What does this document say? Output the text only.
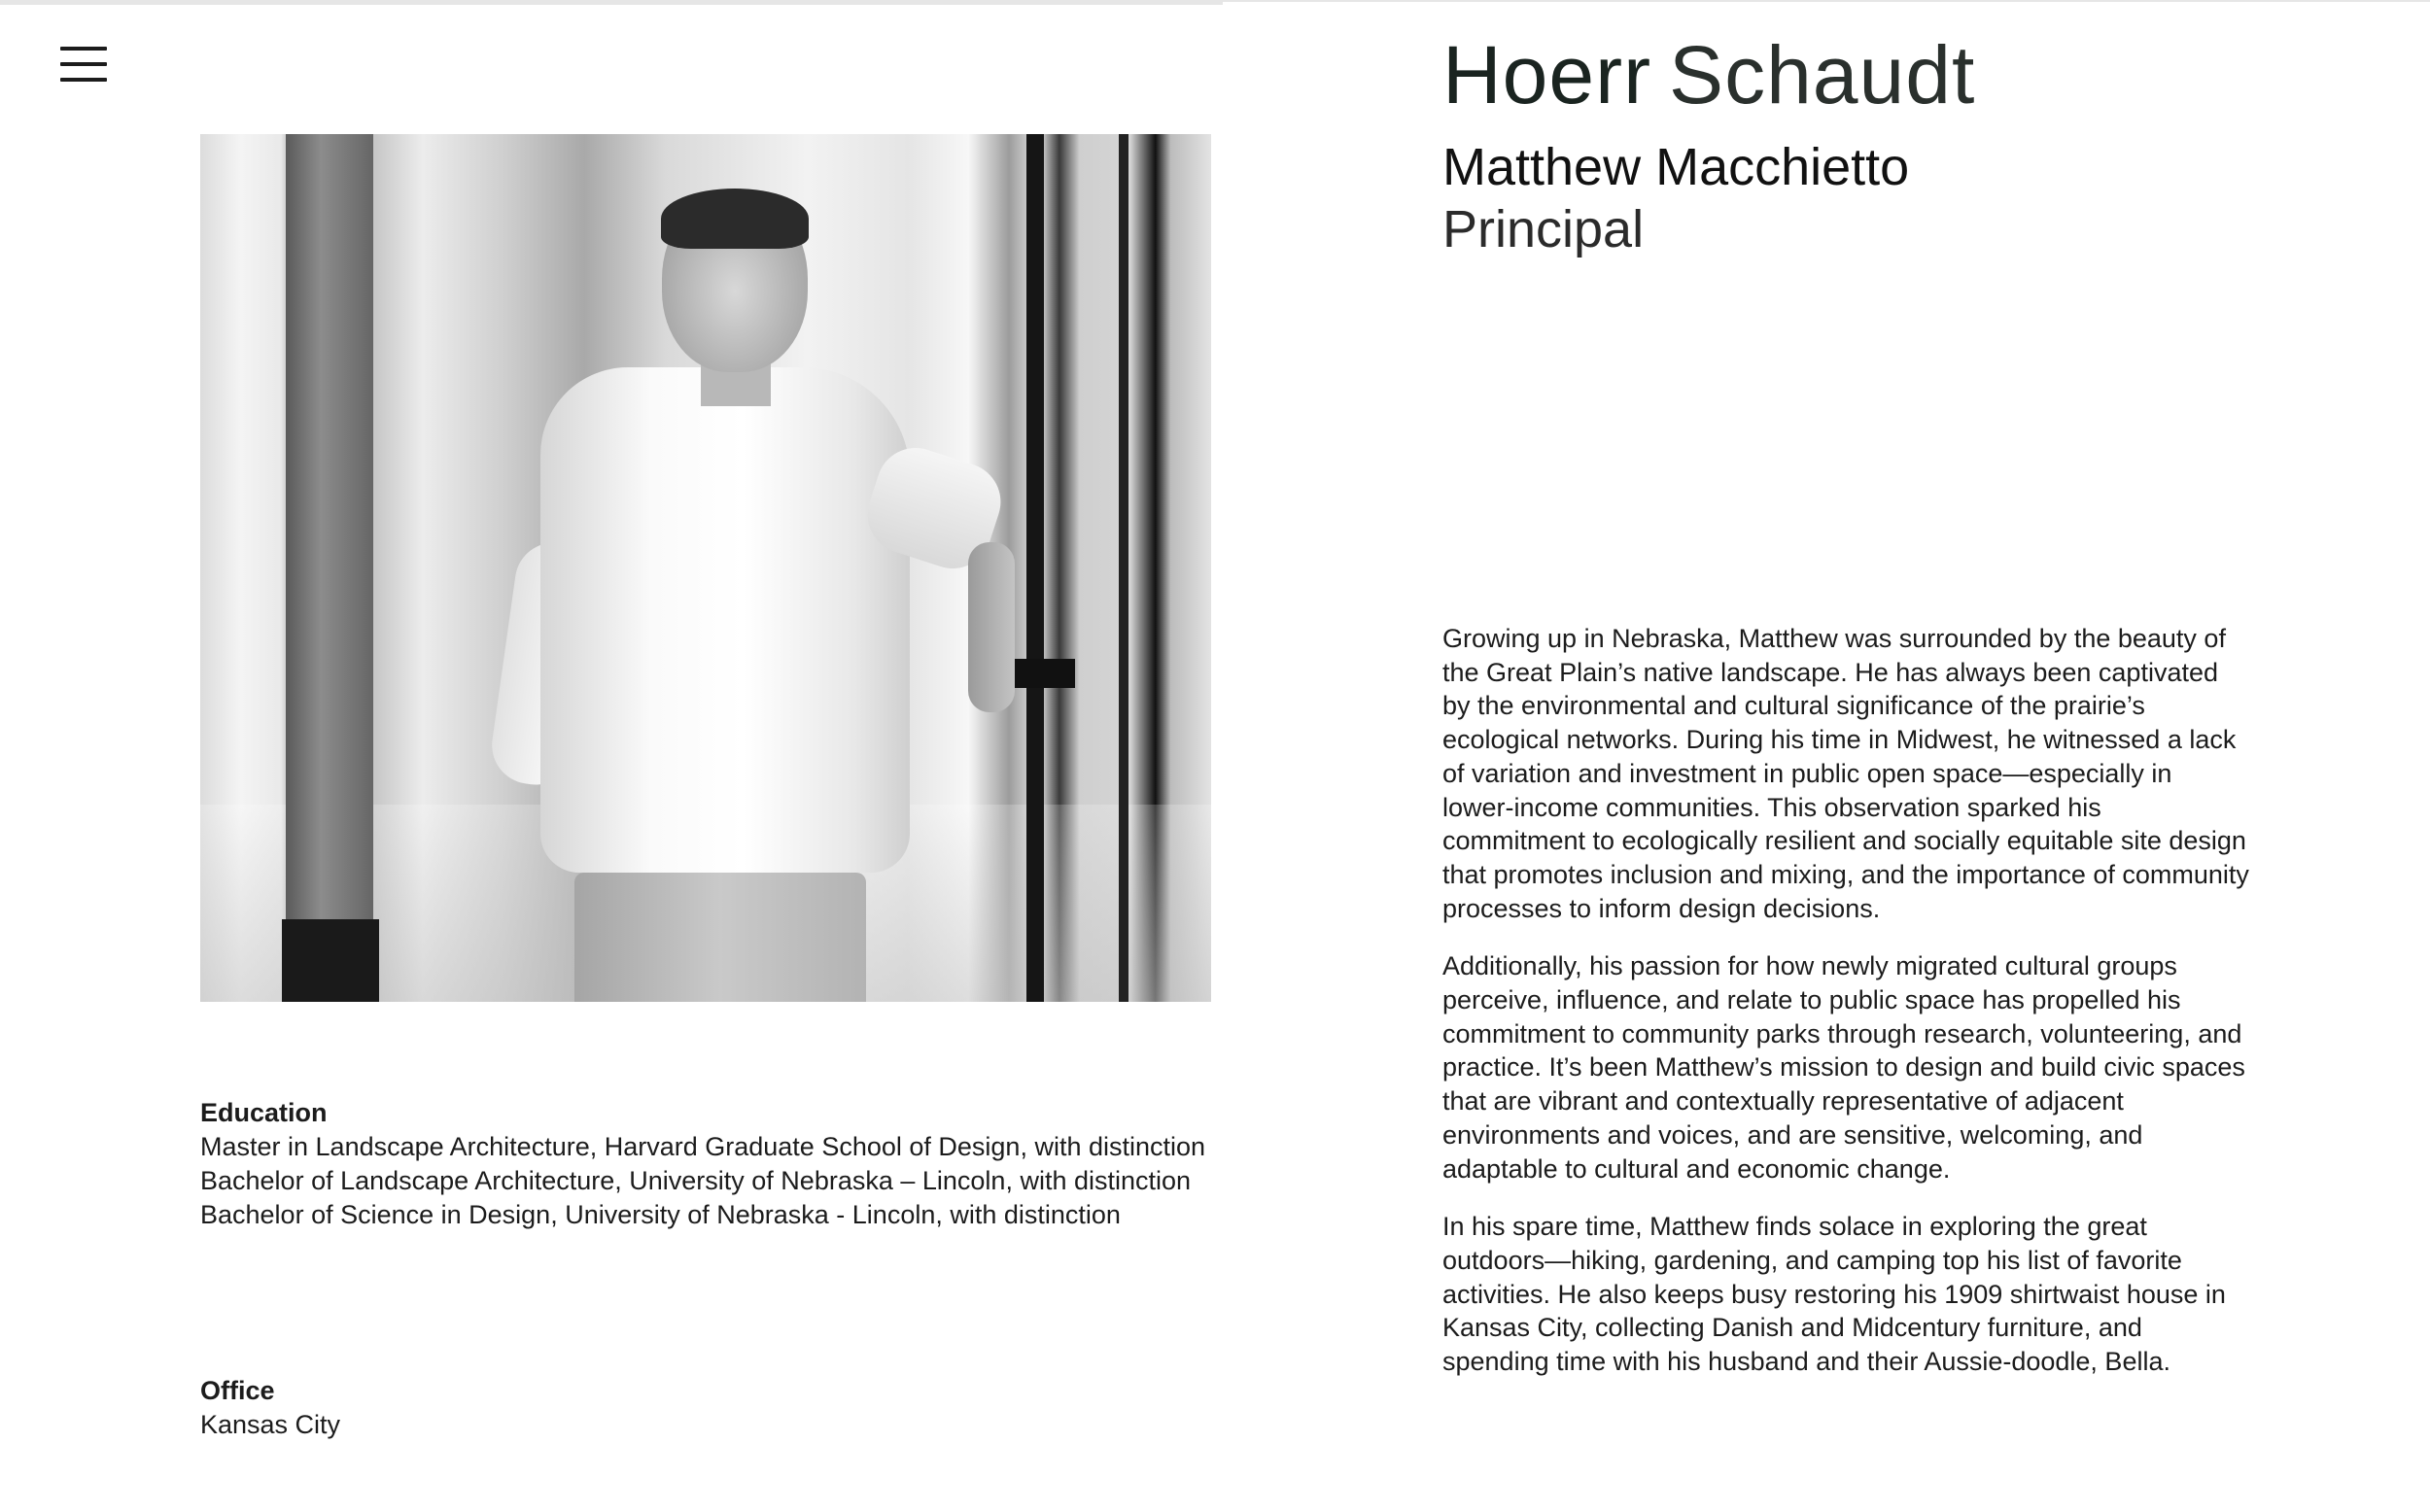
Education

Master in Landscape Architecture, Harvard Graduate School of Design, with distinction

Bachelor of Landscape Architecture, University of Nebraska – Lincoln, with distinction

Bachelor of Science in Design, University of Nebraska - Lincoln, with distinction

Office

Kansas City

Hoerr Schaudt
Matthew Macchietto
Principal

Growing up in Nebraska, Matthew was surrounded by the beauty of the Great Plain’s native landscape. He has always been captivated by the environmental and cultural significance of the prairie’s ecological networks. During his time in Midwest, he witnessed a lack of variation and investment in public open space—especially in lower-income communities. This observation sparked his commitment to ecologically resilient and socially equitable site design that promotes inclusion and mixing, and the importance of community processes to inform design decisions.

Additionally, his passion for how newly migrated cultural groups perceive, influence, and relate to public space has propelled his commitment to community parks through research, volunteering, and practice. It’s been Matthew’s mission to design and build civic spaces that are vibrant and contextually representative of adjacent environments and voices, and are sensitive, welcoming, and adaptable to cultural and economic change.

In his spare time, Matthew finds solace in exploring the great outdoors—hiking, gardening, and camping top his list of favorite activities. He also keeps busy restoring his 1909 shirtwaist house in Kansas City, collecting Danish and Midcentury furniture, and spending time with his husband and their Aussie-doodle, Bella.
